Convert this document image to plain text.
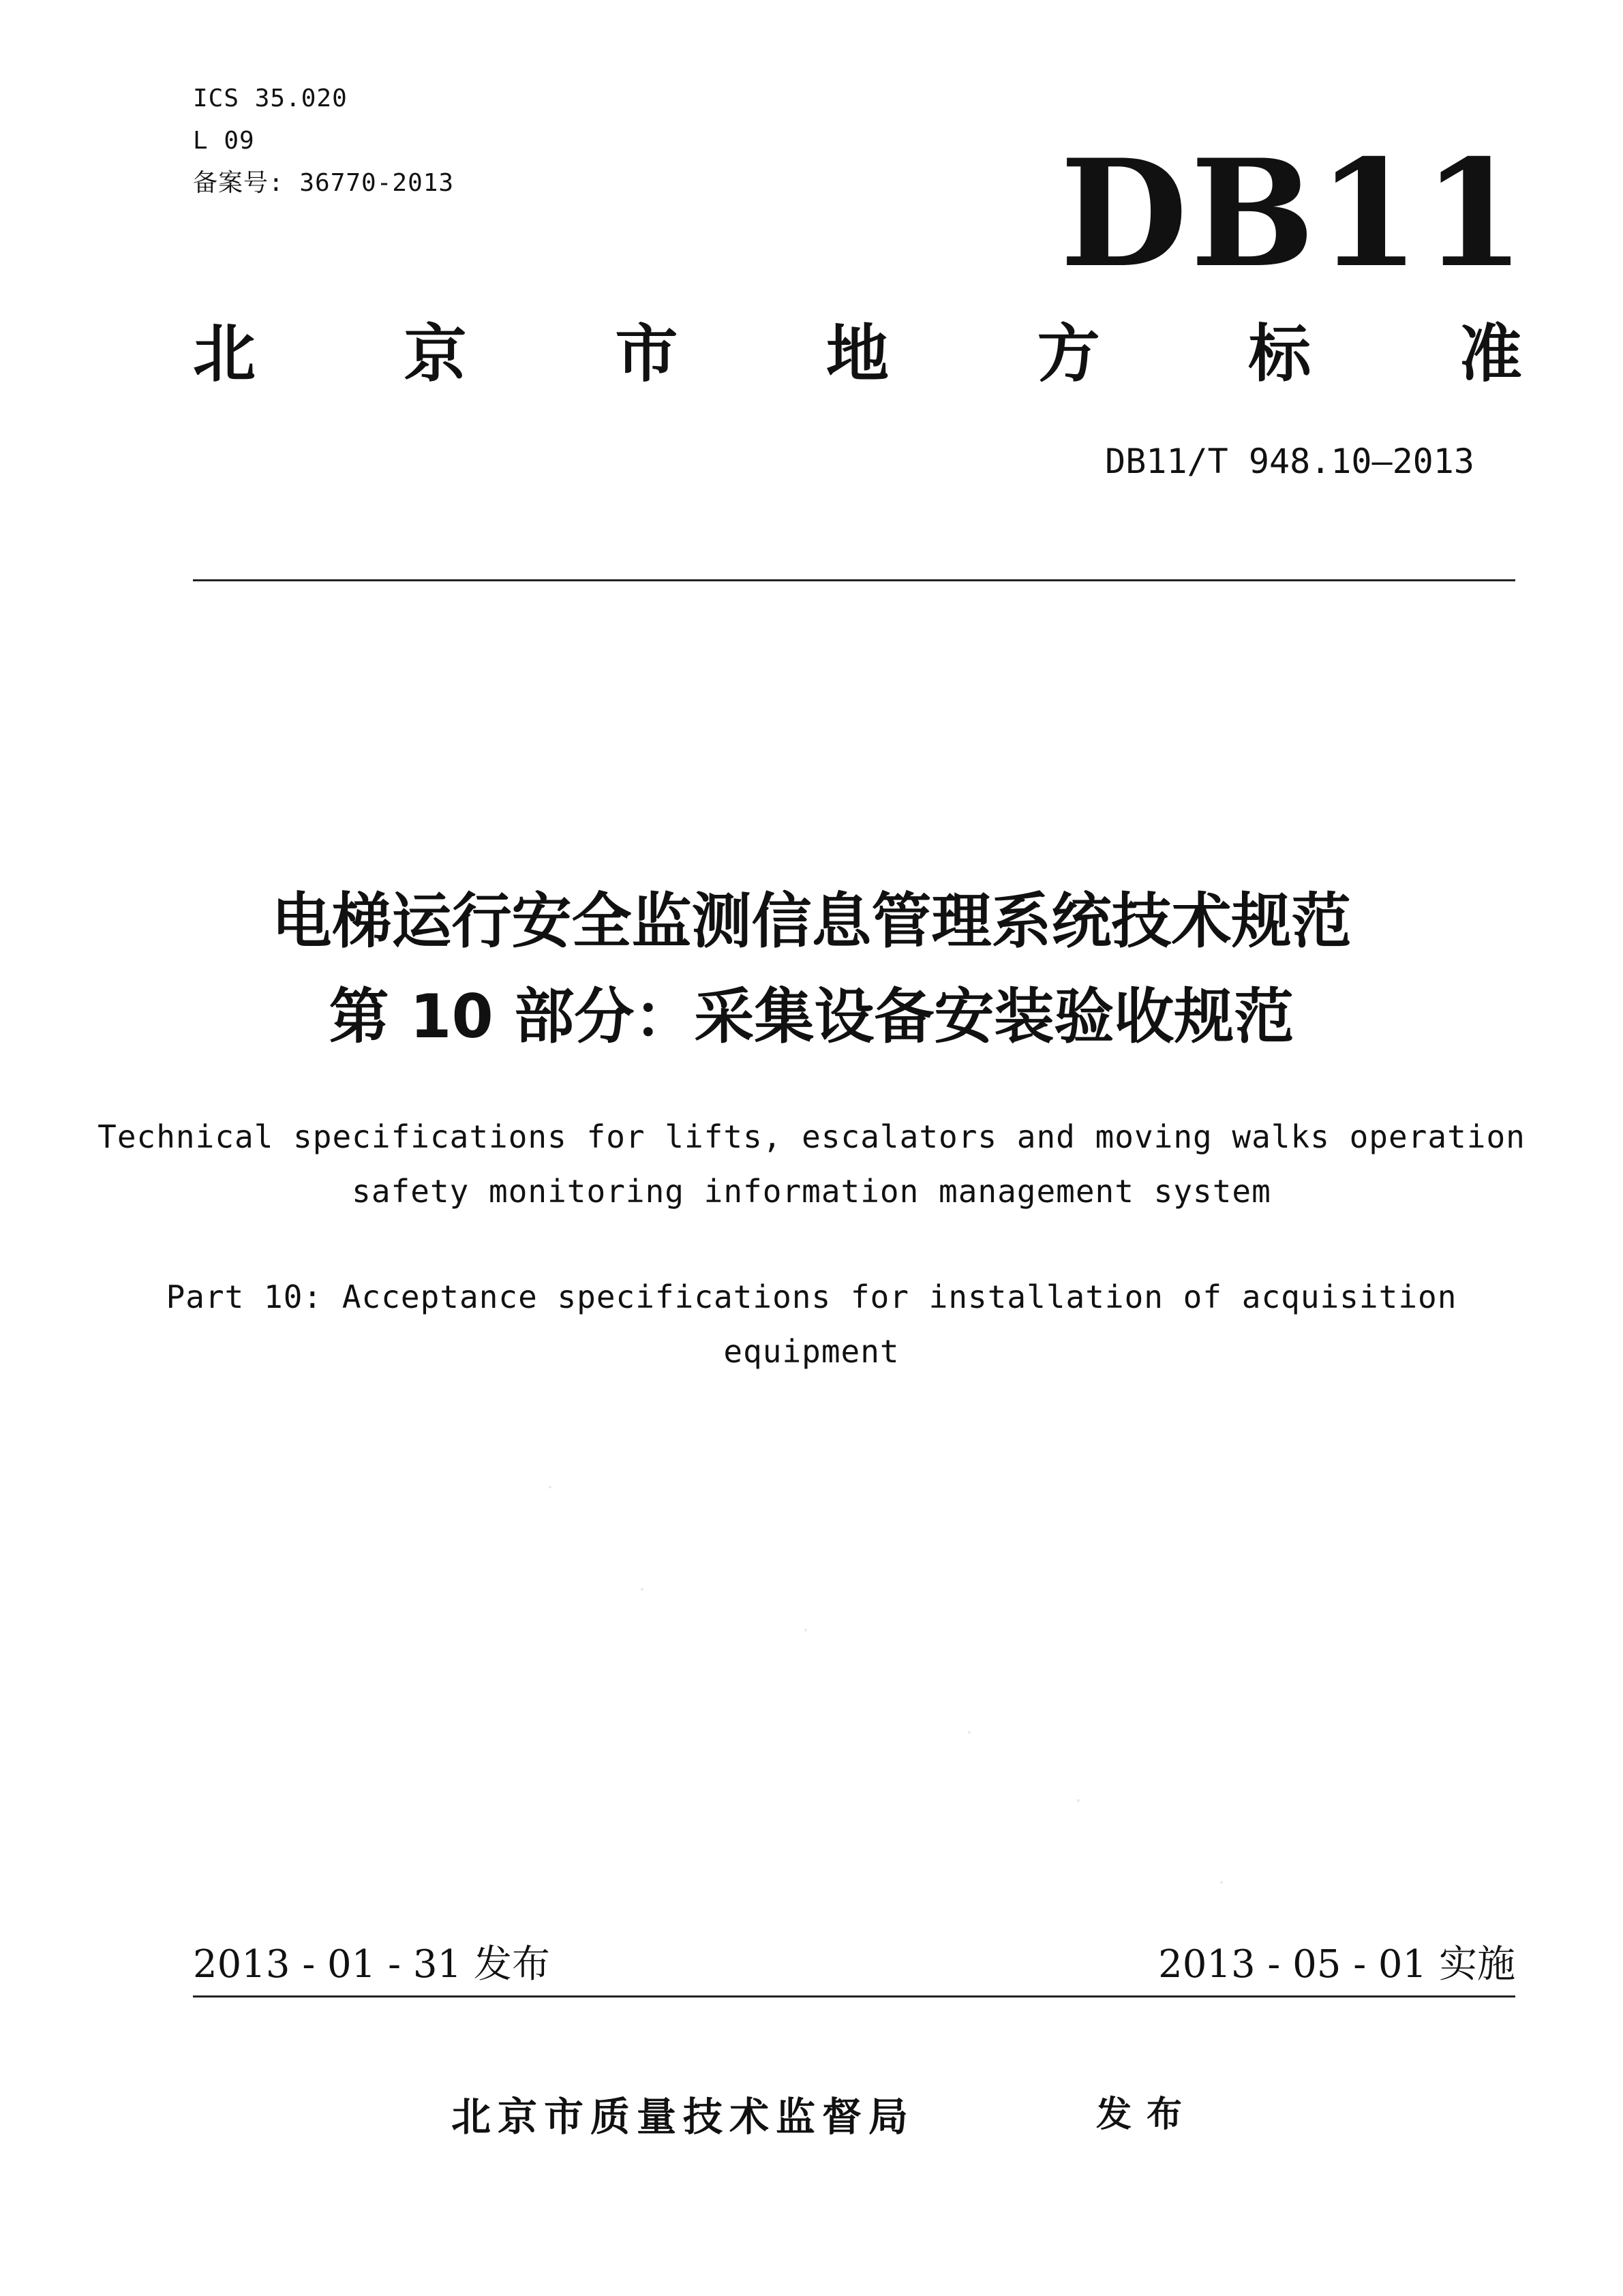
ICS 35.020
L 09
备案号: 36770-2013	DB11
北 京 市 地 方 标 准
DB11/T 948.10—2013
电梯运行安全监测信息管理系统技术规范
第 10 部分：采集设备安装验收规范
Technical specifications for lifts, escalators and moving walks operation
safety monitoring information management system
Part 10: Acceptance specifications for installation of acquisition
equipment
2013 - 01 - 31 发布	2013 - 05 - 01 实施
北京市质量技术监督局	发布
